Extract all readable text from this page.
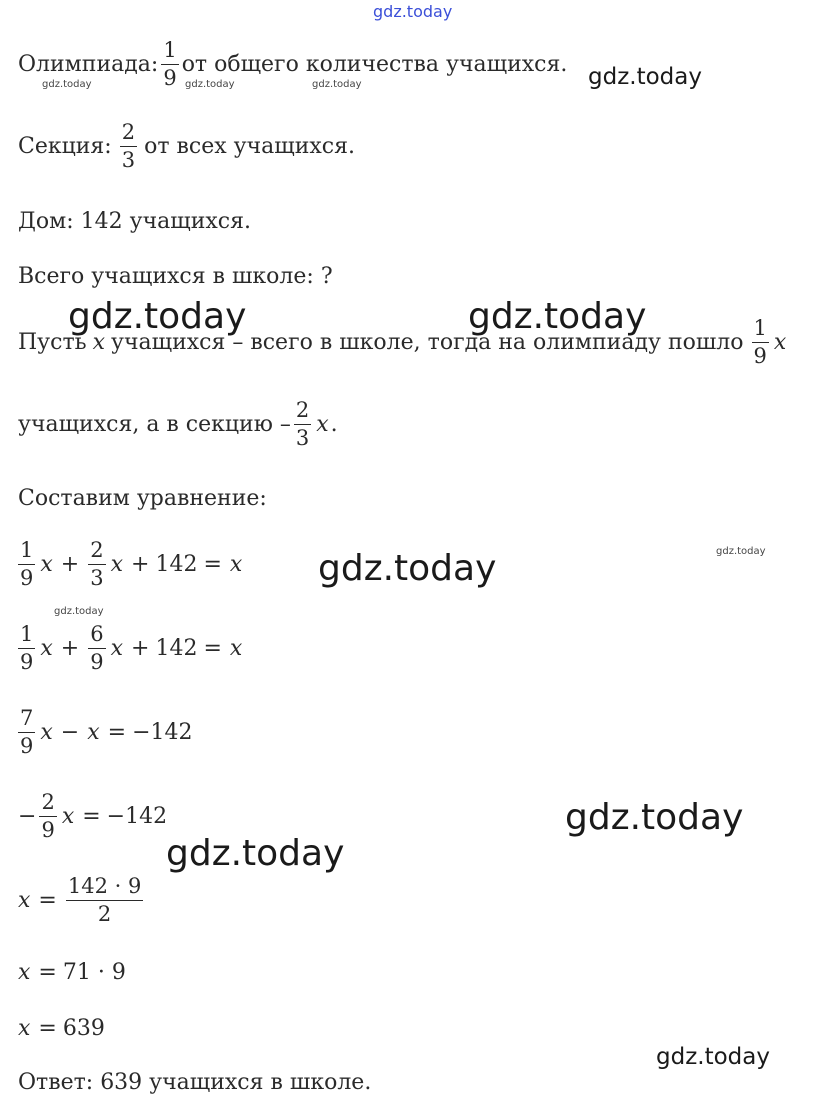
gdz.today
gdz.today
gdz.today	gdz.today	gdz.today
gdz.today	gdz.today
gdz.today	gdz.today
gdz.today
gdz.today
gdz.today
gdz.today
Олимпиада: $\frac{1}{9}$ от общего количества учащихся.
Секция: $\frac{2}{3}$ от всех учащихся.
Дом: 142 учащихся.
Всего учащихся в школе: ?
Пусть x учащихся – всего в школе, тогда на олимпиаду пошло $\frac{1}{9}$ x
учащихся, а в секцию – $\frac{2}{3}$ x .
Составим уравнение:
$\frac{1}{9}$ $x + \frac{2}{3}$ x + 142 = x
$\frac{1}{9}$ $x + \frac{6}{9}$ x + 142 = x
$\frac{7}{9}$ x − x = −142
− $\frac{2}{9}$ x = −142
$x = \frac{142 \cdot 9}{2}$
x = 71 · 9
x = 639
Ответ: 639 учащихся в школе.
